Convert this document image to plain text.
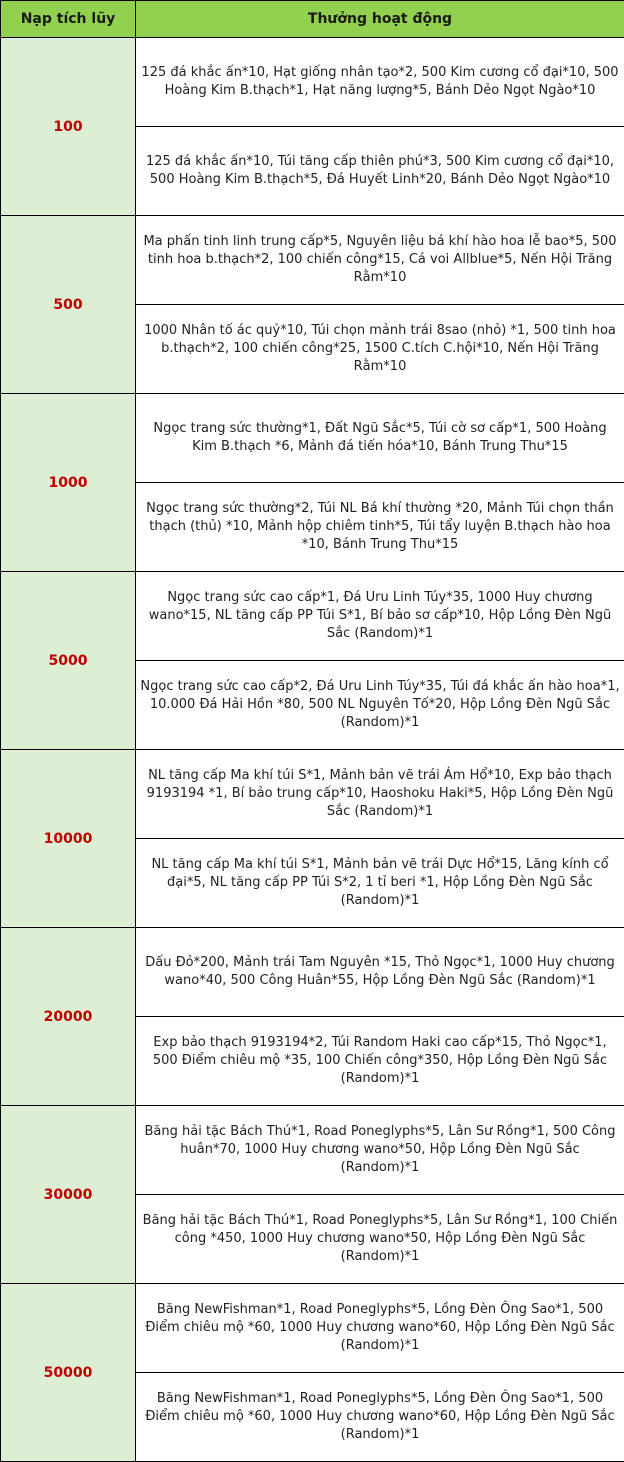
Nạp tích lũy	Thưởng hoạt động
100	125 đá khắc ấn*10, Hạt giống nhân tạo*2, 500 Kim cương cổ đại*10, 500 Hoàng Kim B.thạch*1, Hạt năng lượng*5, Bánh Dẻo Ngọt Ngào*10
	125 đá khắc ấn*10, Túi tăng cấp thiên phú*3, 500 Kim cương cổ đại*10, 500 Hoàng Kim B.thạch*5, Đá Huyết Linh*20, Bánh Dẻo Ngọt Ngào*10
500	Ma phấn tinh linh trung cấp*5, Nguyên liệu bá khí hào hoa lễ bao*5, 500 tinh hoa b.thạch*2, 100 chiến công*15, Cá voi Allblue*5, Nến Hội Trăng Rằm*10
	1000 Nhân tố ác quỷ*10, Túi chọn mảnh trái 8sao (nhỏ) *1, 500 tinh hoa b.thạch*2, 100 chiến công*25, 1500 C.tích C.hội*10, Nến Hội Trăng Rằm*10
1000	Ngọc trang sức thường*1, Đất Ngũ Sắc*5, Túi cờ sơ cấp*1, 500 Hoàng Kim B.thạch *6, Mảnh đá tiến hóa*10, Bánh Trung Thu*15
	Ngọc trang sức thường*2, Túi NL Bá khí thường *20, Mảnh Túi chọn thần thạch (thủ) *10, Mảnh hộp chiêm tinh*5, Túi tẩy luyện B.thạch hào hoa *10, Bánh Trung Thu*15
5000	Ngọc trang sức cao cấp*1, Đá Uru Linh Túy*35, 1000 Huy chương wano*15, NL tăng cấp PP Túi S*1, Bí bảo sơ cấp*10, Hộp Lồng Đèn Ngũ Sắc (Random)*1
	Ngọc trang sức cao cấp*2, Đá Uru Linh Túy*35, Túi đá khắc ấn hào hoa*1, 10.000 Đá Hải Hồn *80, 500 NL Nguyên Tố*20, Hộp Lồng Đèn Ngũ Sắc (Random)*1
10000	NL tăng cấp Ma khí túi S*1, Mảnh bản vẽ trái Ám Hổ*10, Exp bảo thạch 9193194 *1, Bí bảo trung cấp*10, Haoshoku Haki*5, Hộp Lồng Đèn Ngũ Sắc (Random)*1
	NL tăng cấp Ma khí túi S*1, Mảnh bản vẽ trái Dực Hổ*15, Lăng kính cổ đại*5, NL tăng cấp PP Túi S*2, 1 tỉ beri *1, Hộp Lồng Đèn Ngũ Sắc (Random)*1
20000	Dấu Đỏ*200, Mảnh trái Tam Nguyên *15, Thỏ Ngọc*1, 1000 Huy chương wano*40, 500 Công Huân*55, Hộp Lồng Đèn Ngũ Sắc (Random)*1
	Exp bảo thạch 9193194*2, Túi Random Haki cao cấp*15, Thỏ Ngọc*1, 500 Điểm chiêu mộ *35, 100 Chiến công*350, Hộp Lồng Đèn Ngũ Sắc (Random)*1
30000	Băng hải tặc Bách Thú*1, Road Poneglyphs*5, Lân Sư Rồng*1, 500 Công huân*70, 1000 Huy chương wano*50, Hộp Lồng Đèn Ngũ Sắc (Random)*1
	Băng hải tặc Bách Thú*1, Road Poneglyphs*5, Lân Sư Rồng*1, 100 Chiến công *450, 1000 Huy chương wano*50, Hộp Lồng Đèn Ngũ Sắc (Random)*1
50000	Băng NewFishman*1, Road Poneglyphs*5, Lồng Đèn Ông Sao*1, 500 Điểm chiêu mộ *60, 1000 Huy chương wano*60, Hộp Lồng Đèn Ngũ Sắc (Random)*1
	Băng NewFishman*1, Road Poneglyphs*5, Lồng Đèn Ông Sao*1, 500 Điểm chiêu mộ *60, 1000 Huy chương wano*60, Hộp Lồng Đèn Ngũ Sắc (Random)*1
